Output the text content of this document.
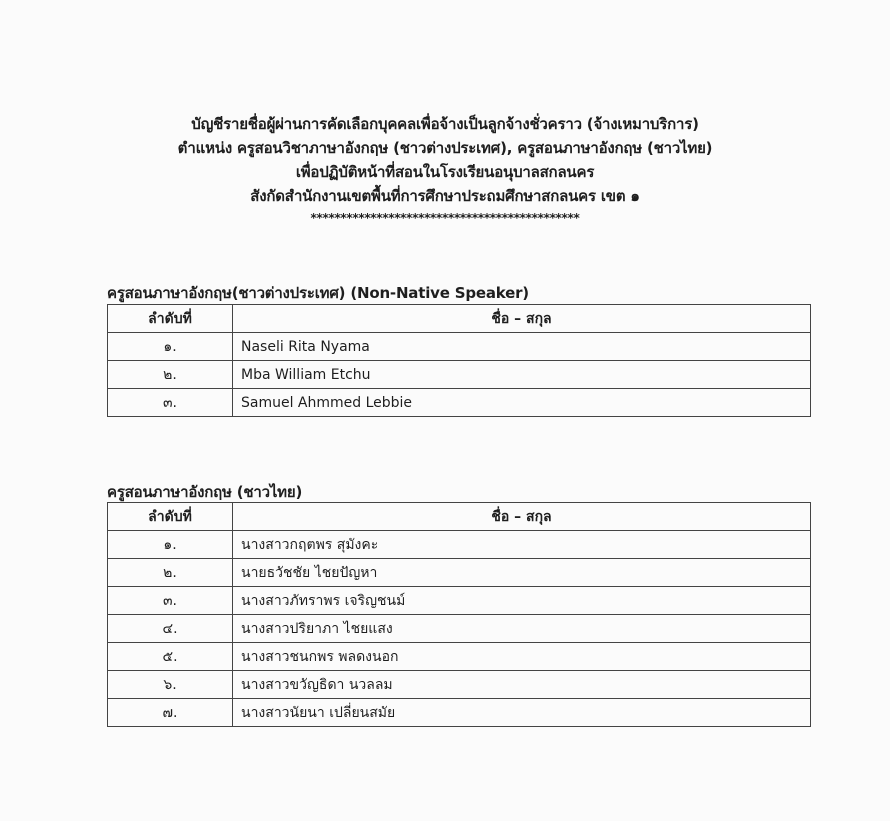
บัญชีรายชื่อผู้ผ่านการคัดเลือกบุคคลเพื่อจ้างเป็นลูกจ้างชั่วคราว (จ้างเหมาบริการ)
ตำแหน่ง ครูสอนวิชาภาษาอังกฤษ (ชาวต่างประเทศ), ครูสอนภาษาอังกฤษ (ชาวไทย)
เพื่อปฏิบัติหน้าที่สอนในโรงเรียนอนุบาลสกลนคร
สังกัดสำนักงานเขตพื้นที่การศึกษาประถมศึกษาสกลนคร เขต ๑
*********************************************
ครูสอนภาษาอังกฤษ(ชาวต่างประเทศ) (Non-Native Speaker)
ลำดับที่	ชื่อ – สกุล
๑.	Naseli Rita Nyama
๒.	Mba William Etchu
๓.	Samuel Ahmmed Lebbie
ครูสอนภาษาอังกฤษ (ชาวไทย)
ลำดับที่	ชื่อ – สกุล
๑.	นางสาวกฤตพร สุมังคะ
๒.	นายธวัชชัย ไชยปัญหา
๓.	นางสาวภัทราพร เจริญชนม์
๔.	นางสาวปริยาภา ไชยแสง
๕.	นางสาวชนกพร พลดงนอก
๖.	นางสาวขวัญธิดา นวลลม
๗.	นางสาวนัยนา เปลี่ยนสมัย
